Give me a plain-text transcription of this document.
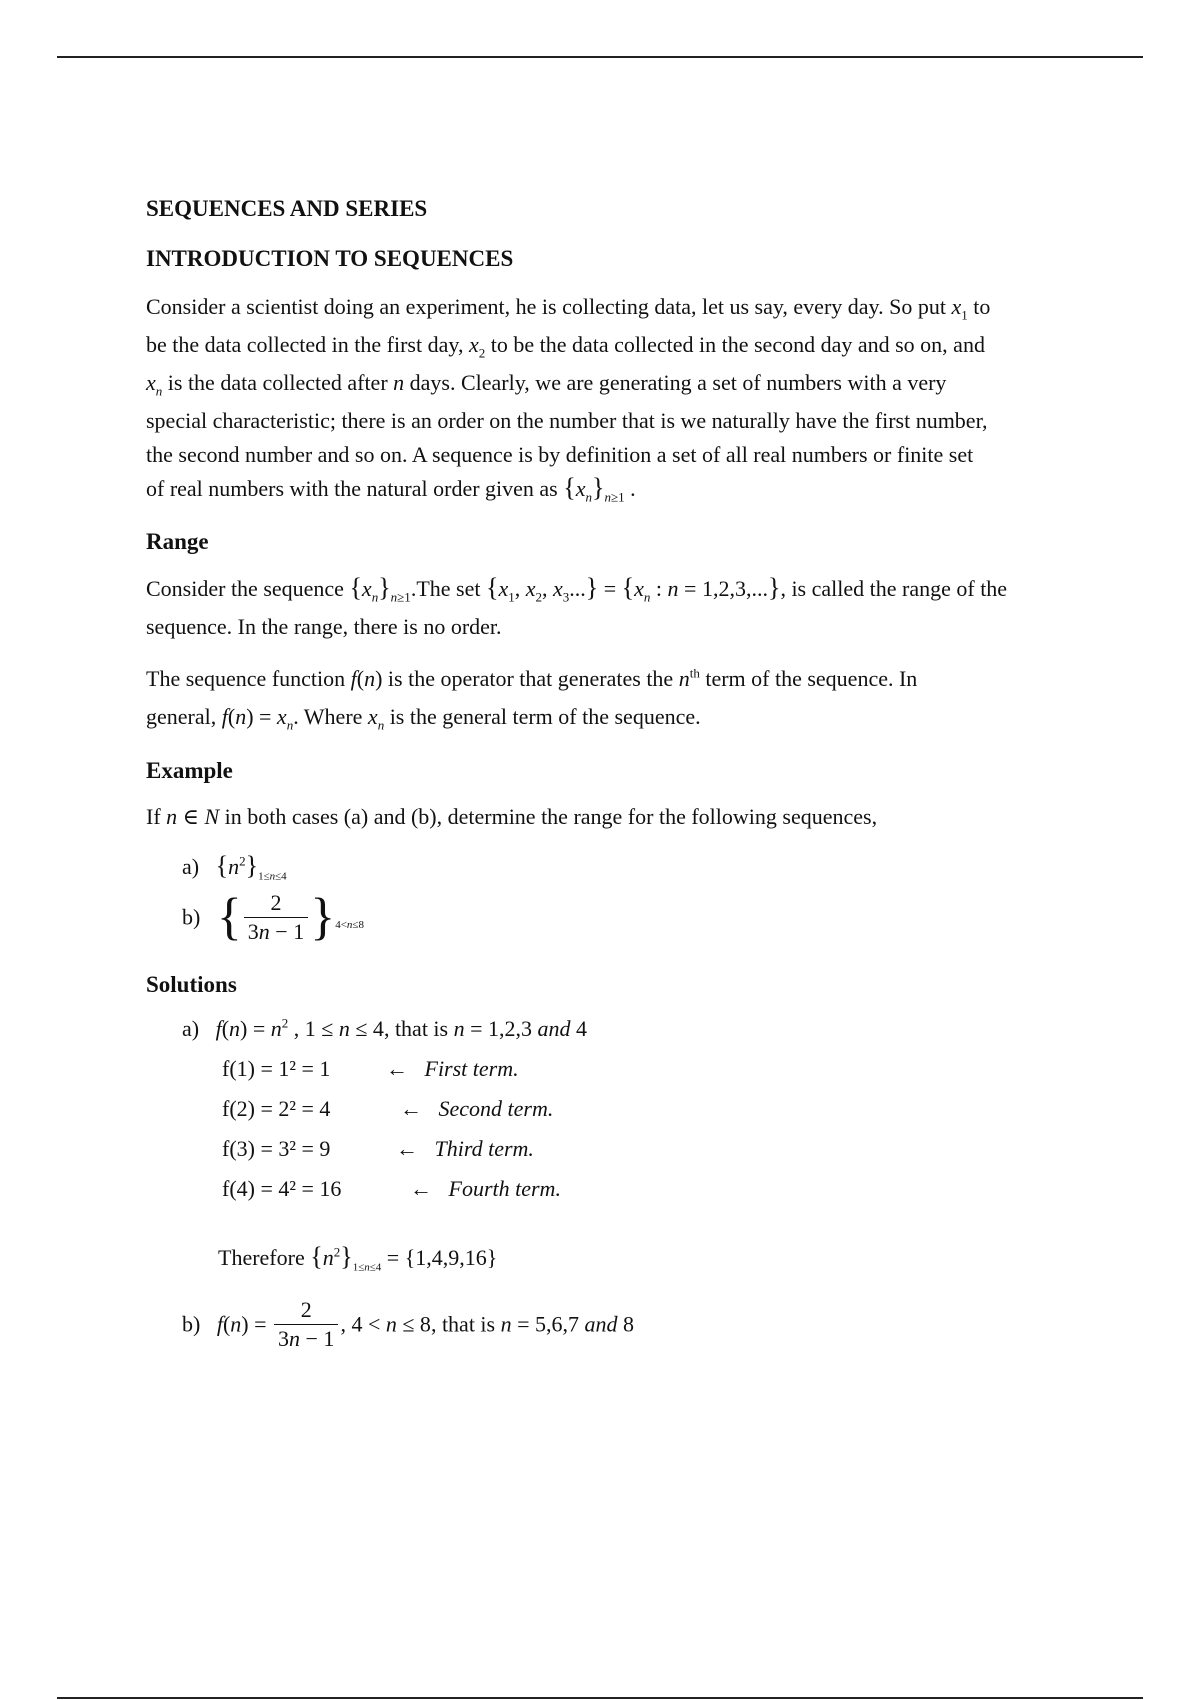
SEQUENCES AND SERIES

INTRODUCTION TO SEQUENCES

Consider a scientist doing an experiment, he is collecting data, let us say, every day. So put $x_1$ to

be the data collected in the first day, $x_2$ to be the data collected in the second day and so on, and

$x_n$ is the data collected after n days. Clearly, we are generating a set of numbers with a very

special characteristic; there is an order on the number that is we naturally have the first number,

the second number and so on. A sequence is by definition a set of all real numbers or finite set

of real numbers with the natural order given as $\{x_n\}_{n\ge 1}$ .

Range

Consider the sequence $\{x_n\}_{n\ge 1}.The$ set {$x_1$, $x_2$, $x_3...\} = \{x_n$ : n = 1,2,3,...}, is called the range of the

sequence. In the range, there is no order.

The sequence function f(n) is the operator that generates the $n^{th}$ term of the sequence. In

general, $f(n) = x_n$. Where $x_n$ is the general term of the sequence.

Example

If n ∈ N in both cases (a) and (b), determine the range for the following sequences,

a) $\{n^2\}_{1\le n\le 4}$
b) { $\frac{2}{3n - 1} \}_{4<n\le 8}$

Solutions

a) $f(n) = n^2$ , 1 ≤ n ≤ 4, that is n = 1,2,3 and 4
f(1) = 1² = 1	← First term.
f(2) = 2² = 4	← Second term.
f(3) = 3² = 9	← Third term.
f(4) = 4² = 16	← Fourth term.
Therefore $\{n^2\}_{1\le n\le 4} = \{1,4,9,16\}$
b) $f(n) = \frac{2}{3n - 1}$ , 4 < n ≤ 8, that is n = 5,6,7 and 8
